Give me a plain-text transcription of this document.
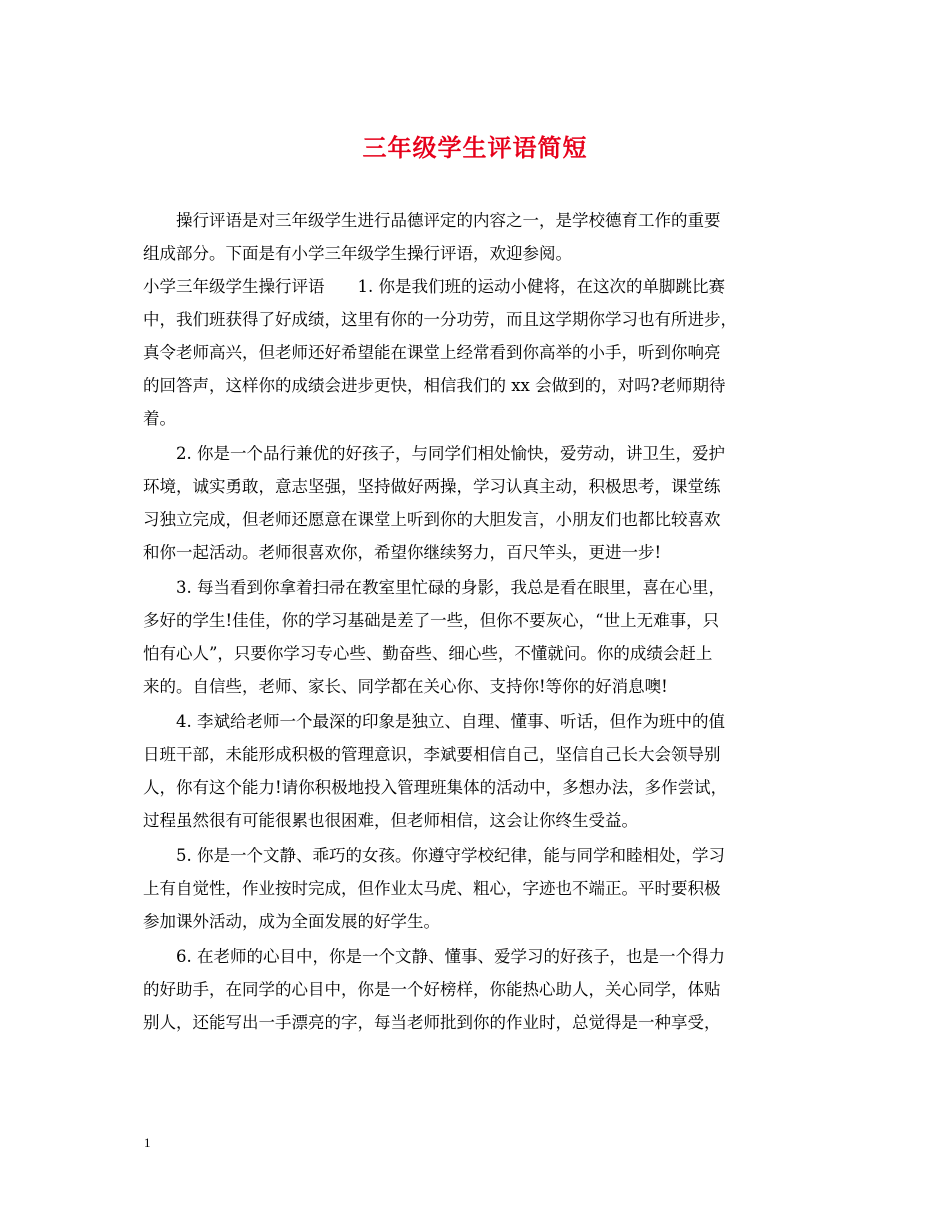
三年级学生评语简短
　　操行评语是对三年级学生进行品德评定的内容之一，是学校德育工作的重要
组成部分。下面是有小学三年级学生操行评语，欢迎参阅。
小学三年级学生操行评语　　1. 你是我们班的运动小健将，在这次的单脚跳比赛
中，我们班获得了好成绩，这里有你的一分功劳，而且这学期你学习也有所进步，
真令老师高兴，但老师还好希望能在课堂上经常看到你高举的小手，听到你响亮
的回答声，这样你的成绩会进步更快，相信我们的 xx 会做到的，对吗?老师期待
着。
　　2. 你是一个品行兼优的好孩子，与同学们相处愉快，爱劳动，讲卫生，爱护
环境，诚实勇敢，意志坚强，坚持做好两操，学习认真主动，积极思考，课堂练
习独立完成，但老师还愿意在课堂上听到你的大胆发言，小朋友们也都比较喜欢
和你一起活动。老师很喜欢你，希望你继续努力，百尺竿头，更进一步!
　　3. 每当看到你拿着扫帚在教室里忙碌的身影，我总是看在眼里，喜在心里，
多好的学生!佳佳，你的学习基础是差了一些，但你不要灰心，“世上无难事，只
怕有心人”，只要你学习专心些、勤奋些、细心些，不懂就问。你的成绩会赶上
来的。自信些，老师、家长、同学都在关心你、支持你!等你的好消息噢!
　　4. 李斌给老师一个最深的印象是独立、自理、懂事、听话，但作为班中的值
日班干部，未能形成积极的管理意识，李斌要相信自己，坚信自己长大会领导别
人，你有这个能力!请你积极地投入管理班集体的活动中，多想办法，多作尝试，
过程虽然很有可能很累也很困难，但老师相信，这会让你终生受益。
　　5. 你是一个文静、乖巧的女孩。你遵守学校纪律，能与同学和睦相处，学习
上有自觉性，作业按时完成，但作业太马虎、粗心，字迹也不端正。平时要积极
参加课外活动，成为全面发展的好学生。
　　6. 在老师的心目中，你是一个文静、懂事、爱学习的好孩子，也是一个得力
的好助手，在同学的心目中，你是一个好榜样，你能热心助人，关心同学，体贴
别人，还能写出一手漂亮的字，每当老师批到你的作业时，总觉得是一种享受，
1
